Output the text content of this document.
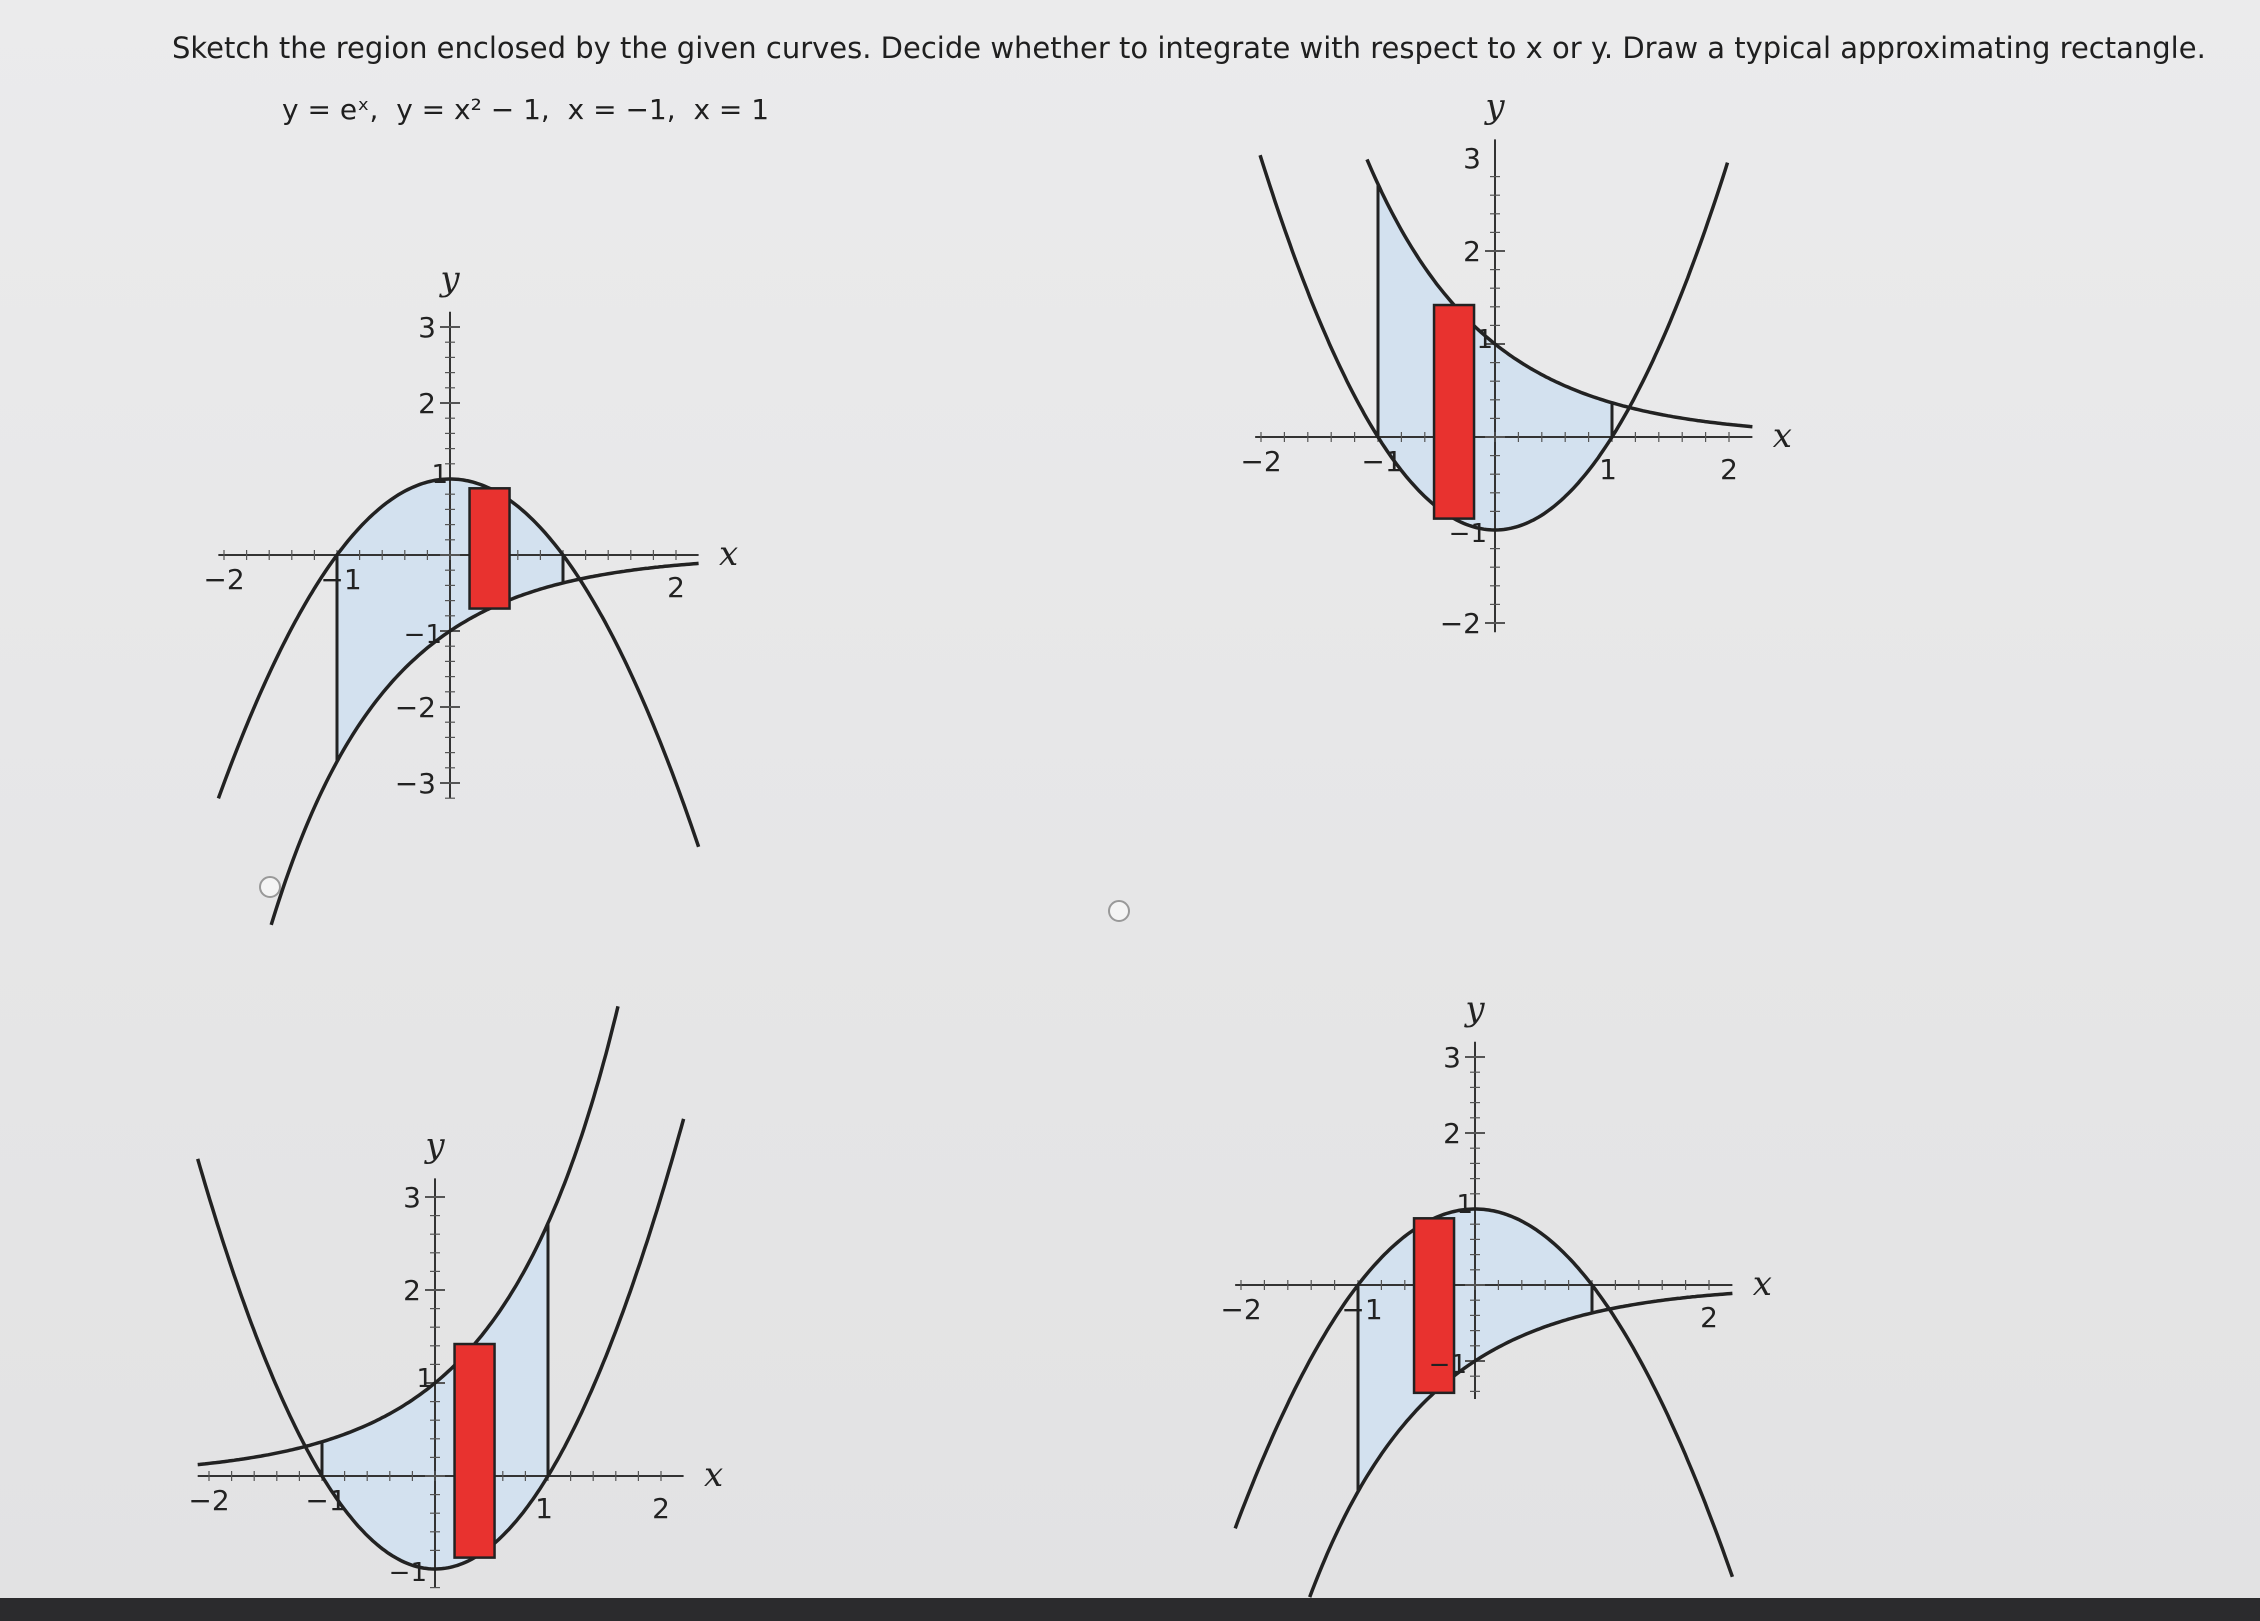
Sketch the region enclosed by the given curves. Decide whether to integrate with respect to x or y. Draw a typical approximating rectangle.
y = eˣ, y = x² − 1, x = −1, x = 1
y
x
−2	2
−1
3
2
1
−1
−2
−3
y
x
−2	2
−1	1
3
2
1
−1
−2
y
x
−2	2
−1	1
3
2
1
−1
y
x
−2	2
−1
3
2
1
−1
